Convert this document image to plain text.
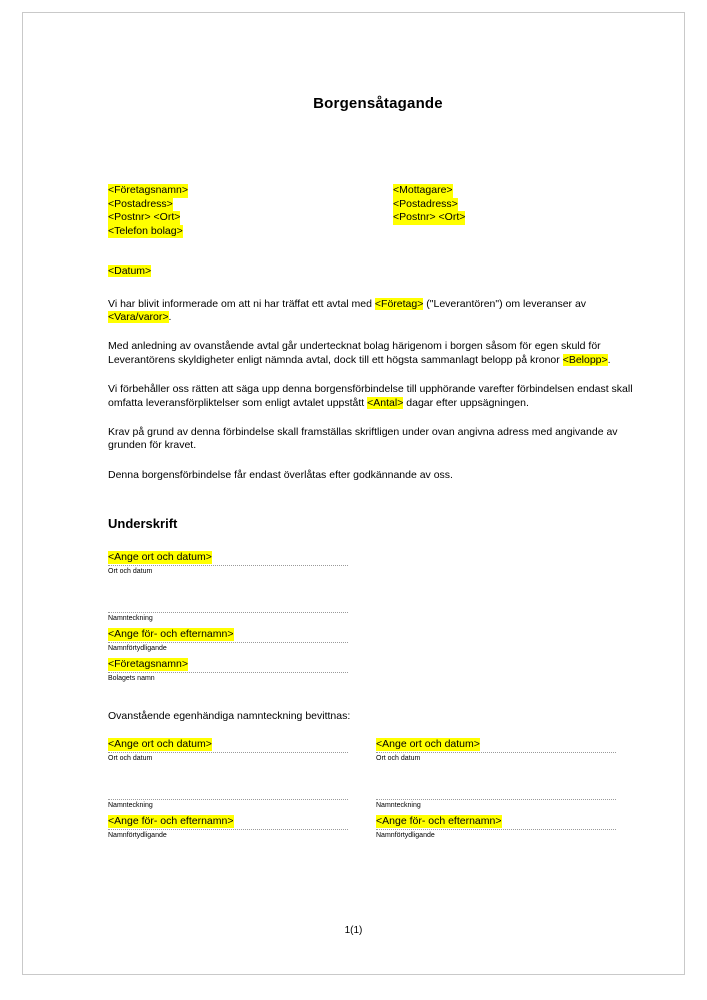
Borgensåtagande
<Företagsnamn>
<Postadress>
<Postnr> <Ort>
<Telefon bolag>
<Mottagare>
<Postadress>
<Postnr> <Ort>
<Datum>

Vi har blivit informerade om att ni har träffat ett avtal med <Företag> ("Leverantören") om leveranser av <Vara/varor>.

Med anledning av ovanstående avtal går undertecknat bolag härigenom i borgen såsom för egen skuld för Leverantörens skyldigheter enligt nämnda avtal, dock till ett högsta sammanlagt belopp på kronor <Belopp>.

Vi förbehåller oss rätten att säga upp denna borgensförbindelse till upphörande varefter förbindelsen endast skall omfatta leveransförpliktelser som enligt avtalet uppstått <Antal> dagar efter uppsägningen.

Krav på grund av denna förbindelse skall framställas skriftligen under ovan angivna adress med angivande av grunden för kravet.

Denna borgensförbindelse får endast överlåtas efter godkännande av oss.

Underskrift
<Ange ort och datum>
Ort och datum
Namnteckning
<Ange för- och efternamn>
Namnförtydligande
<Företagsnamn>
Bolagets namn
Ovanstående egenhändiga namnteckning bevittnas:
<Ange ort och datum>
Ort och datum
<Ange ort och datum>
Ort och datum
Namnteckning	Namnteckning
<Ange för- och efternamn>
Namnförtydligande
<Ange för- och efternamn>
Namnförtydligande
1(1)
